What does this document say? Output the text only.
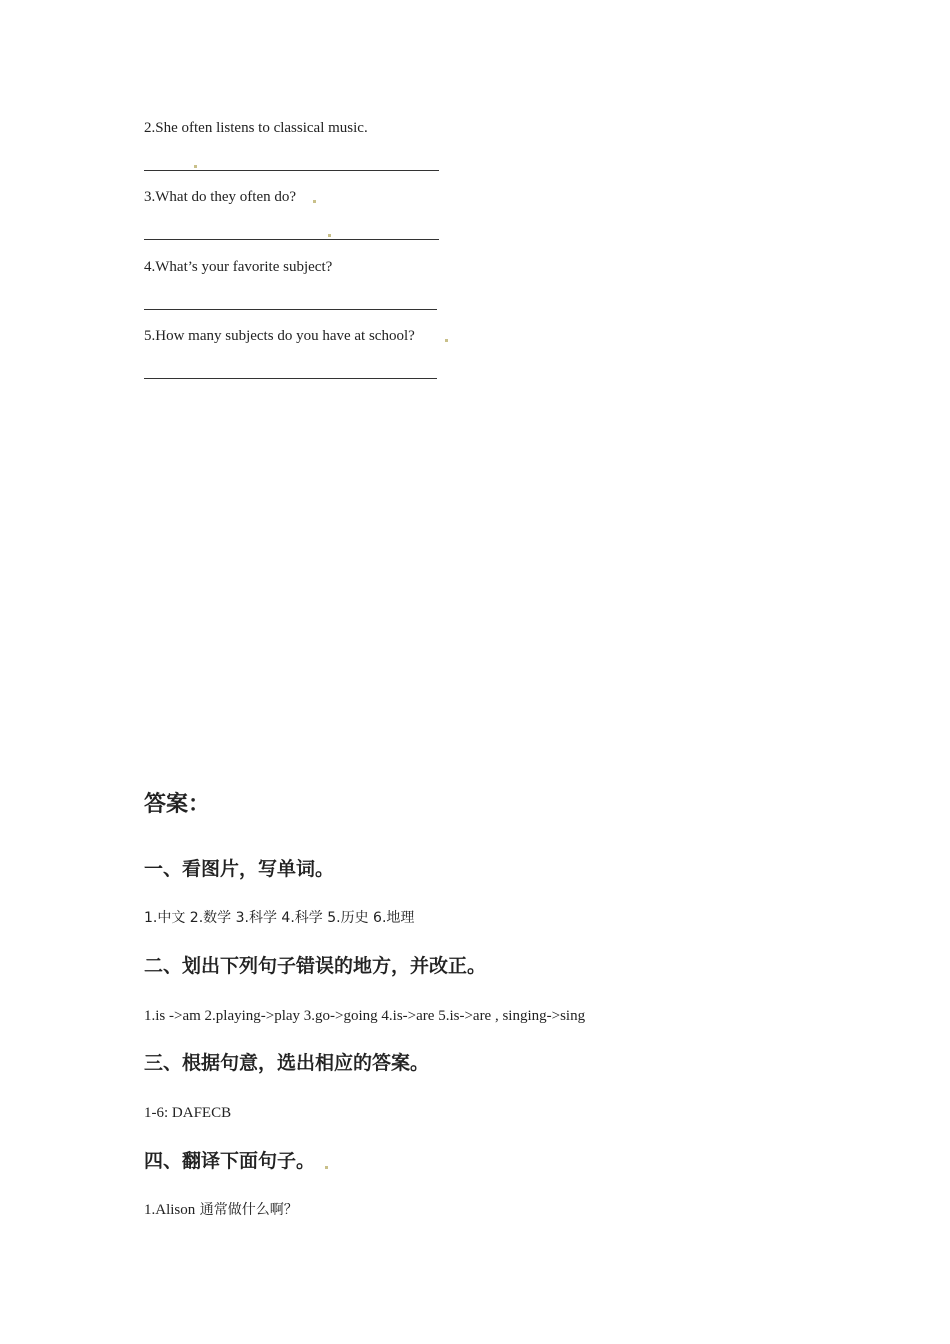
2.She often listens to classical music.
3.What do they often do?
4.What’s your favorite subject?
5.How many subjects do you have at school?
答案：
一、看图片，写单词。
1.中文 2.数学 3.科学 4.科学 5.历史 6.地理
二、划出下列句子错误的地方，并改正。
1.is ->am 2.playing->play 3.go->going 4.is->are 5.is->are , singing->sing
三、根据句意，选出相应的答案。
1-6: DAFECB
四、翻译下面句子。
1.Alison 通常做什么啊？
